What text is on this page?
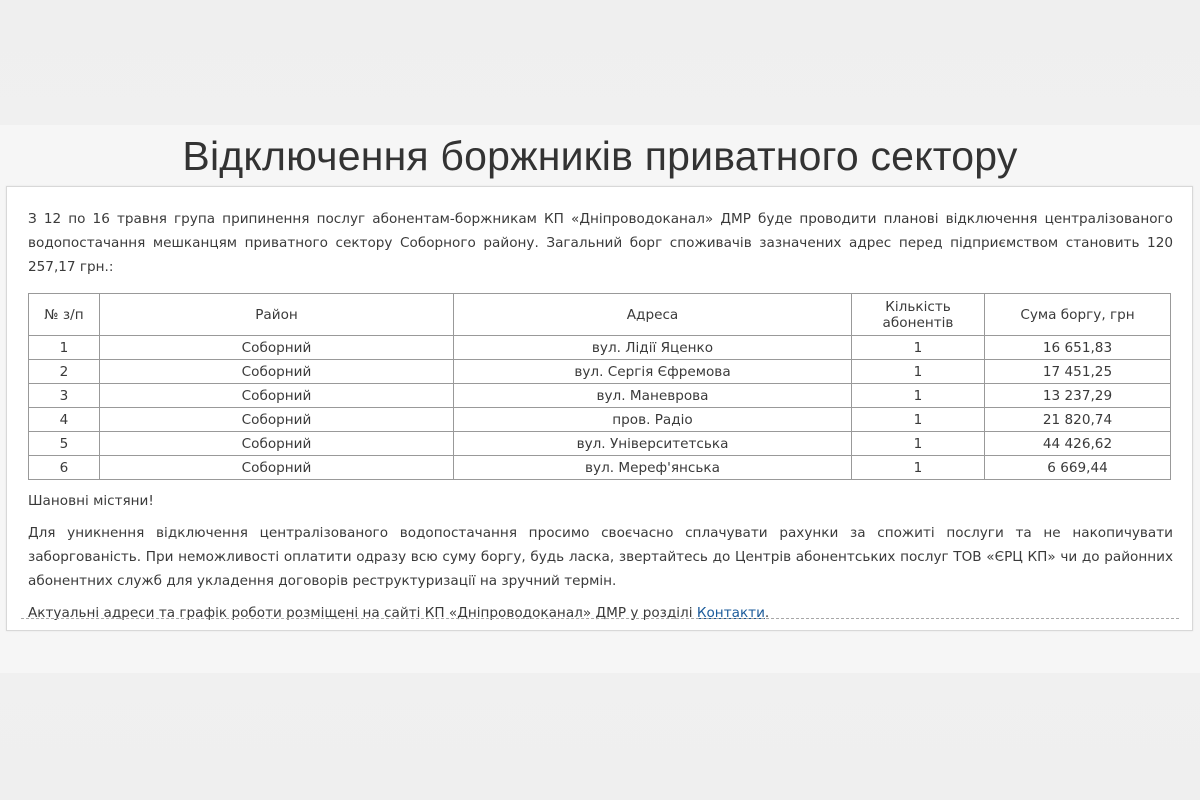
Відключення боржників приватного сектору

З 12 по 16 травня група припинення послуг абонентам-боржникам КП «Дніпроводоканал» ДМР буде проводити планові відключення централізованого водопостачання мешканцям приватного сектору Соборного району. Загальний борг споживачів зазначених адрес перед підприємством становить 120 257,17 грн.:

№ з/п	Район	Адреса	Кількість абонентів	Сума боргу, грн
1	Соборний	вул. Лідії Яценко	1	16 651,83
2	Соборний	вул. Сергія Єфремова	1	17 451,25
3	Соборний	вул. Маневрова	1	13 237,29
4	Соборний	пров. Радіо	1	21 820,74
5	Соборний	вул. Університетська	1	44 426,62
6	Соборний	вул. Мереф'янська	1	6 669,44

Шановні містяни!

Для уникнення відключення централізованого водопостачання просимо своєчасно сплачувати рахунки за спожиті послуги та не накопичувати заборгованість. При неможливості оплатити одразу всю суму боргу, будь ласка, звертайтесь до Центрів абонентських послуг ТОВ «ЄРЦ КП» чи до районних абонентних служб для укладення договорів реструктуризації на зручний термін.

Актуальні адреси та графік роботи розміщені на сайті КП «Дніпроводоканал» ДМР у розділі Контакти.
